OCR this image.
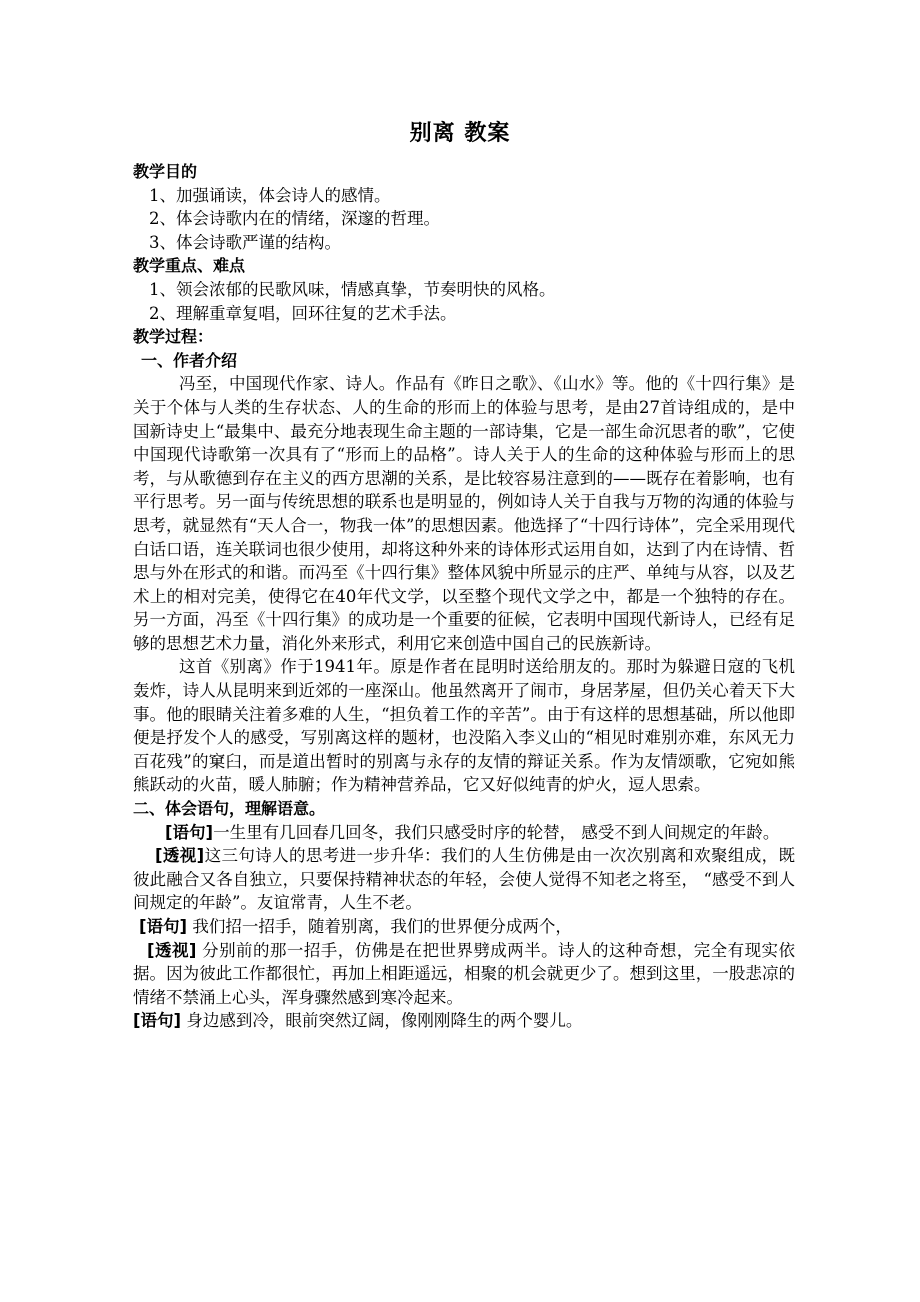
别离 教案
教学目的
1、加强诵读，体会诗人的感情。
2、体会诗歌内在的情绪，深邃的哲理。
3、体会诗歌严谨的结构。
教学重点、难点
1、领会浓郁的民歌风味，情感真挚，节奏明快的风格。
2、理解重章复唱，回环往复的艺术手法。
教学过程：
一、作者介绍
冯至，中国现代作家、诗人。作品有《昨日之歌》、《山水》等。他的《十四行集》是关于个体与人类的生存状态、人的生命的形而上的体验与思考，是由27首诗组成的，是中国新诗史上“最集中、最充分地表现生命主题的一部诗集，它是一部生命沉思者的歌”，它使中国现代诗歌第一次具有了“形而上的品格”。诗人关于人的生命的这种体验与形而上的思考，与从歌德到存在主义的西方思潮的关系，是比较容易注意到的——既存在着影响，也有平行思考。另一面与传统思想的联系也是明显的，例如诗人关于自我与万物的沟通的体验与思考，就显然有“天人合一，物我一体”的思想因素。他选择了“十四行诗体”，完全采用现代白话口语，连关联词也很少使用，却将这种外来的诗体形式运用自如，达到了内在诗情、哲思与外在形式的和谐。而冯至《十四行集》整体风貌中所显示的庄严、单纯与从容，以及艺术上的相对完美，使得它在40年代文学，以至整个现代文学之中，都是一个独特的存在。另一方面，冯至《十四行集》的成功是一个重要的征候，它表明中国现代新诗人，已经有足够的思想艺术力量，消化外来形式，利用它来创造中国自己的民族新诗。
这首《别离》作于1941年。原是作者在昆明时送给朋友的。那时为躲避日寇的飞机轰炸，诗人从昆明来到近郊的一座深山。他虽然离开了闹市，身居茅屋，但仍关心着天下大事。他的眼睛关注着多难的人生，“担负着工作的辛苦”。由于有这样的思想基础，所以他即便是抒发个人的感受，写别离这样的题材，也没陷入李义山的“相见时难别亦难，东风无力百花残”的窠臼，而是道出暂时的别离与永存的友情的辩证关系。作为友情颂歌，它宛如熊熊跃动的火苗，暖人肺腑；作为精神营养品，它又好似纯青的炉火，逗人思索。
二、体会语句，理解语意。
[语句]一生里有几回春几回冬，我们只感受时序的轮替， 感受不到人间规定的年龄。
[透视]这三句诗人的思考进一步升华：我们的人生仿佛是由一次次别离和欢聚组成，既彼此融合又各自独立，只要保持精神状态的年轻，会使人觉得不知老之将至， “感受不到人间规定的年龄”。友谊常青，人生不老。
[语句] 我们招一招手，随着别离，我们的世界便分成两个，
[透视] 分别前的那一招手，仿佛是在把世界劈成两半。诗人的这种奇想，完全有现实依据。因为彼此工作都很忙，再加上相距遥远，相聚的机会就更少了。想到这里，一股悲凉的情绪不禁涌上心头，浑身骤然感到寒冷起来。
[语句] 身边感到冷，眼前突然辽阔，像刚刚降生的两个婴儿。
